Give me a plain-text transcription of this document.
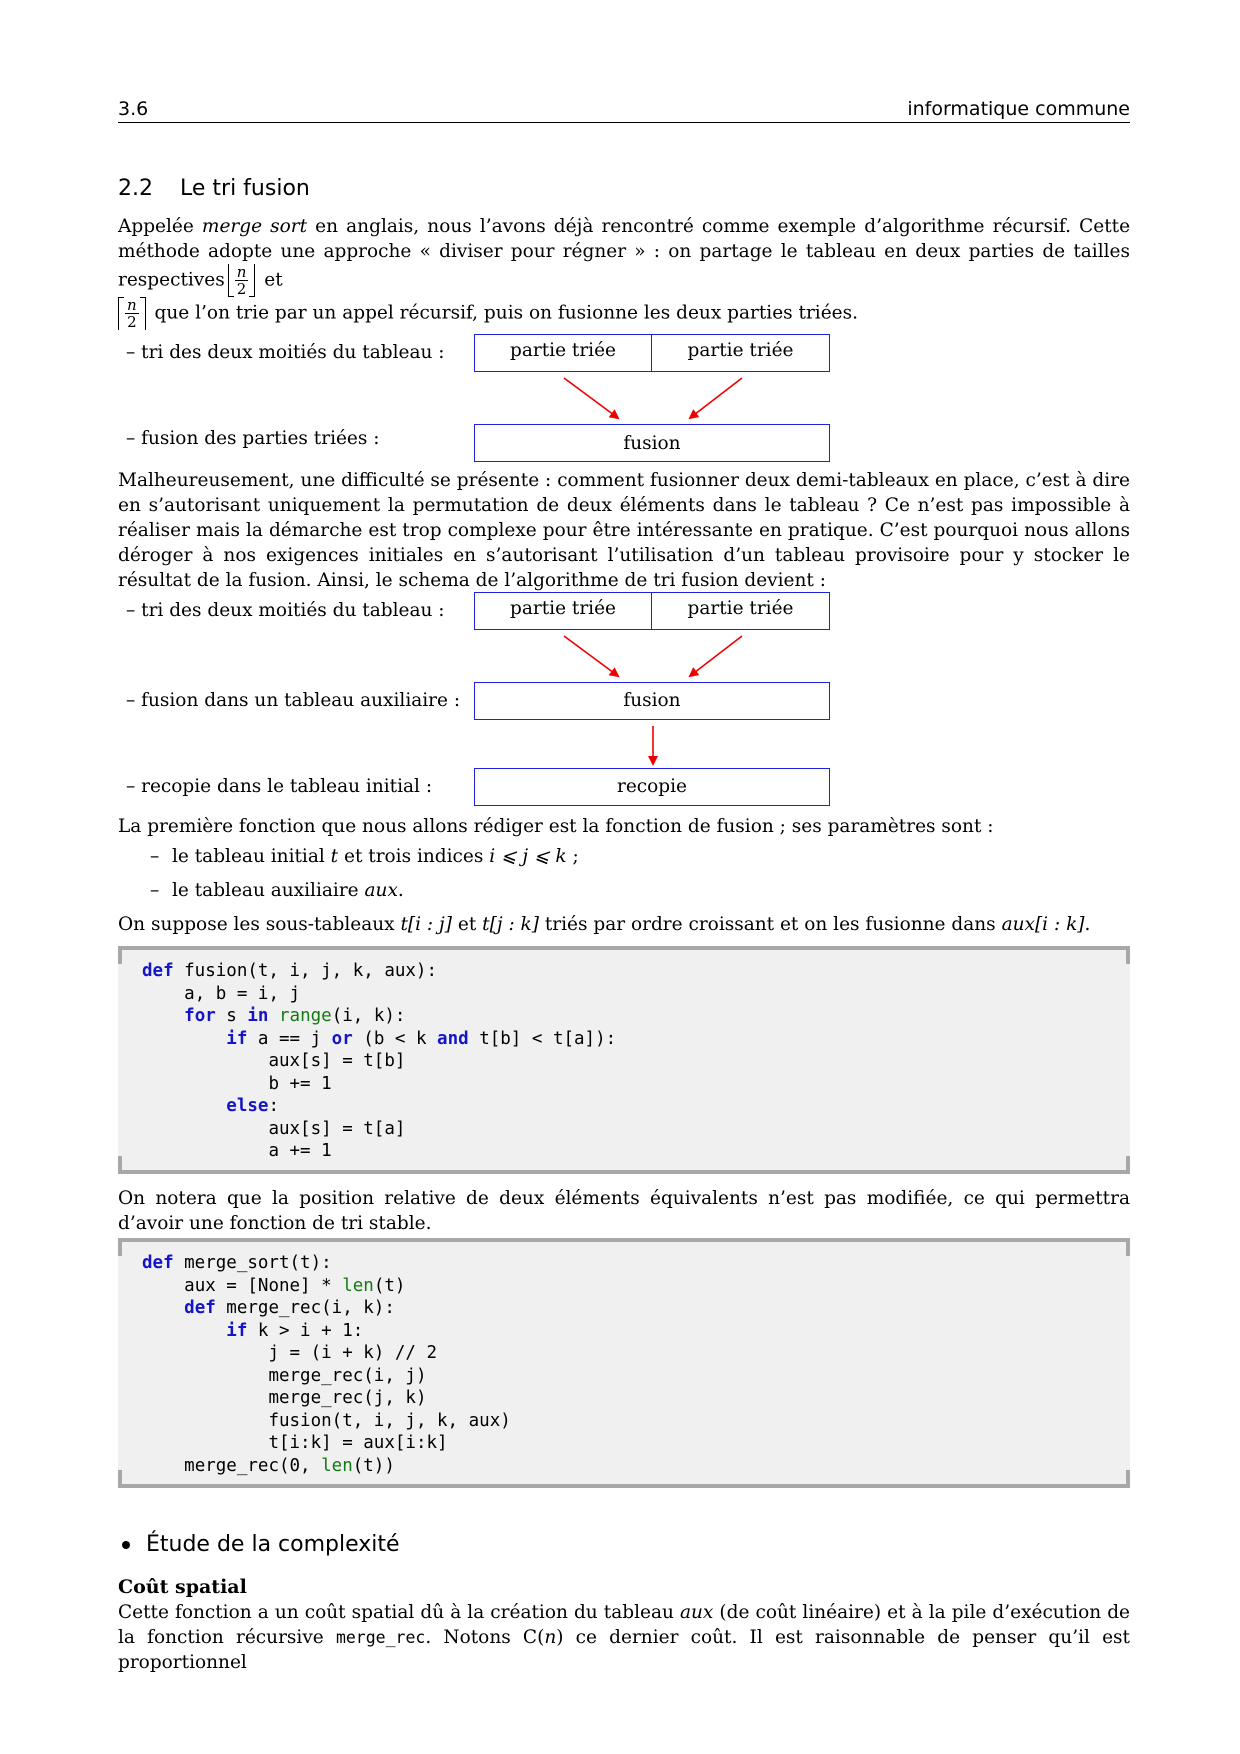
3.6	informatique commune
2.2 Le tri fusion
Appelée merge sort en anglais, nous l’avons déjà rencontré comme exemple d’algorithme récursif. Cette méthode adopte une approche « diviser pour régner » : on partage le tableau en deux parties de tailles respectives $\frac{n}{2}$ et

$\frac{n}{2}$ que l’on trie par un appel récursif, puis on fusionne les deux parties triées.
– tri des deux moitiés du tableau :	partie triée	partie triée
– fusion des parties triées :	fusion
Malheureusement, une difficulté se présente : comment fusionner deux demi-tableaux en place, c’est à dire en s’autorisant uniquement la permutation de deux éléments dans le tableau ? Ce n’est pas impossible à réaliser mais la démarche est trop complexe pour être intéressante en pratique. C’est pourquoi nous allons déroger à nos exigences initiales en s’autorisant l’utilisation d’un tableau provisoire pour y stocker le résultat de la fusion. Ainsi, le schema de l’algorithme de tri fusion devient :
– tri des deux moitiés du tableau :	partie triée	partie triée
– fusion dans un tableau auxiliaire :	fusion
– recopie dans le tableau initial :	recopie
La première fonction que nous allons rédiger est la fonction de fusion ; ses paramètres sont :
– le tableau initial t et trois indices i ⩽ j ⩽ k ;
– le tableau auxiliaire aux.
On suppose les sous-tableaux t[i : j] et t[j : k] triés par ordre croissant et on les fusionne dans aux[i : k].
def fusion(t, i, j, k, aux):
a, b = i, j
for s in range(i, k):
if a == j or (b < k and t[b] < t[a]):
aux[s] = t[b]
b += 1
else:
aux[s] = t[a]
a += 1
On notera que la position relative de deux éléments équivalents n’est pas modifiée, ce qui permettra d’avoir une fonction de tri stable.
def merge_sort(t):
aux = [None] * len(t)
def merge_rec(i, k):
if k > i + 1:
j = (i + k) // 2
merge_rec(i, j)
merge_rec(j, k)
fusion(t, i, j, k, aux)
t[i:k] = aux[i:k]
merge_rec(0, len(t))
Étude de la complexité
Coût spatial
Cette fonction a un coût spatial dû à la création du tableau aux (de coût linéaire) et à la pile d’exécution de la fonction récursive merge_rec. Notons C(n) ce dernier coût. Il est raisonnable de penser qu’il est proportionnel
